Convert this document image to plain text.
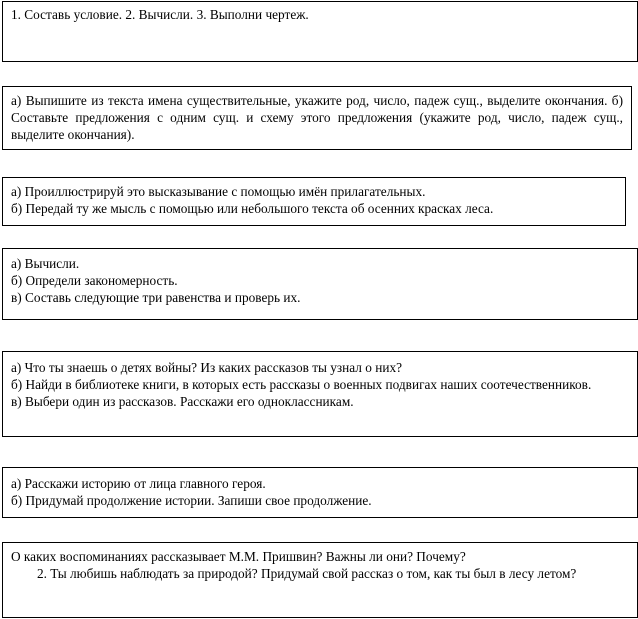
1. Составь условие. 2. Вычисли. 3. Выполни чертеж.
а) Выпишите из текста имена существительные, укажите род, число, падеж сущ., выделите окончания. б) Составьте предложения с одним сущ. и схему этого предложения (укажите род, число, падеж сущ., выделите окончания).
а) Проиллюстрируй это высказывание с помощью имён прилагательных.
б) Передай ту же мысль с помощью или небольшого текста об осенних красках леса.
а) Вычисли.
б) Определи закономерность.
в) Составь следующие три равенства и проверь их.
а) Что ты знаешь о детях войны? Из каких рассказов ты узнал о них?
б) Найди в библиотеке книги, в которых есть рассказы о военных подвигах наших соотечественников.
в) Выбери один из рассказов. Расскажи его одноклассникам.
а) Расскажи историю от лица главного героя.
б) Придумай продолжение истории. Запиши свое продолжение.
О каких воспоминаниях рассказывает М.М. Пришвин? Важны ли они? Почему?
2. Ты любишь наблюдать за природой? Придумай свой рассказ о том, как ты был в лесу летом?
